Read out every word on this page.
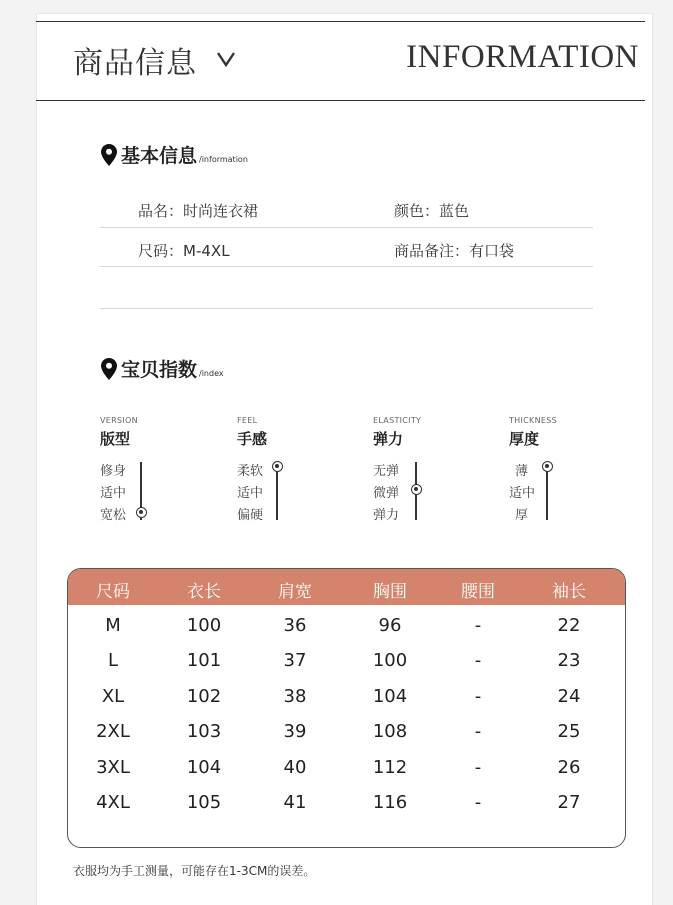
商品信息	INFORMATION
基本信息 /information
品名：时尚连衣裙	颜色：蓝色
尺码：M-4XL	商品备注：有口袋
宝贝指数 /index
VERSION
版型
修身
适中
宽松
FEEL
手感
柔软
适中
偏硬
ELASTICITY
弹力
无弹
微弹
弹力
THICKNESS
厚度
薄
适中
厚
尺码	衣长	肩宽	胸围	腰围	袖长
M	100	36	96	-	22
L	101	37	100	-	23
XL	102	38	104	-	24
2XL	103	39	108	-	25
3XL	104	40	112	-	26
4XL	105	41	116	-	27
衣服均为手工测量，可能存在1-3CM的误差。
